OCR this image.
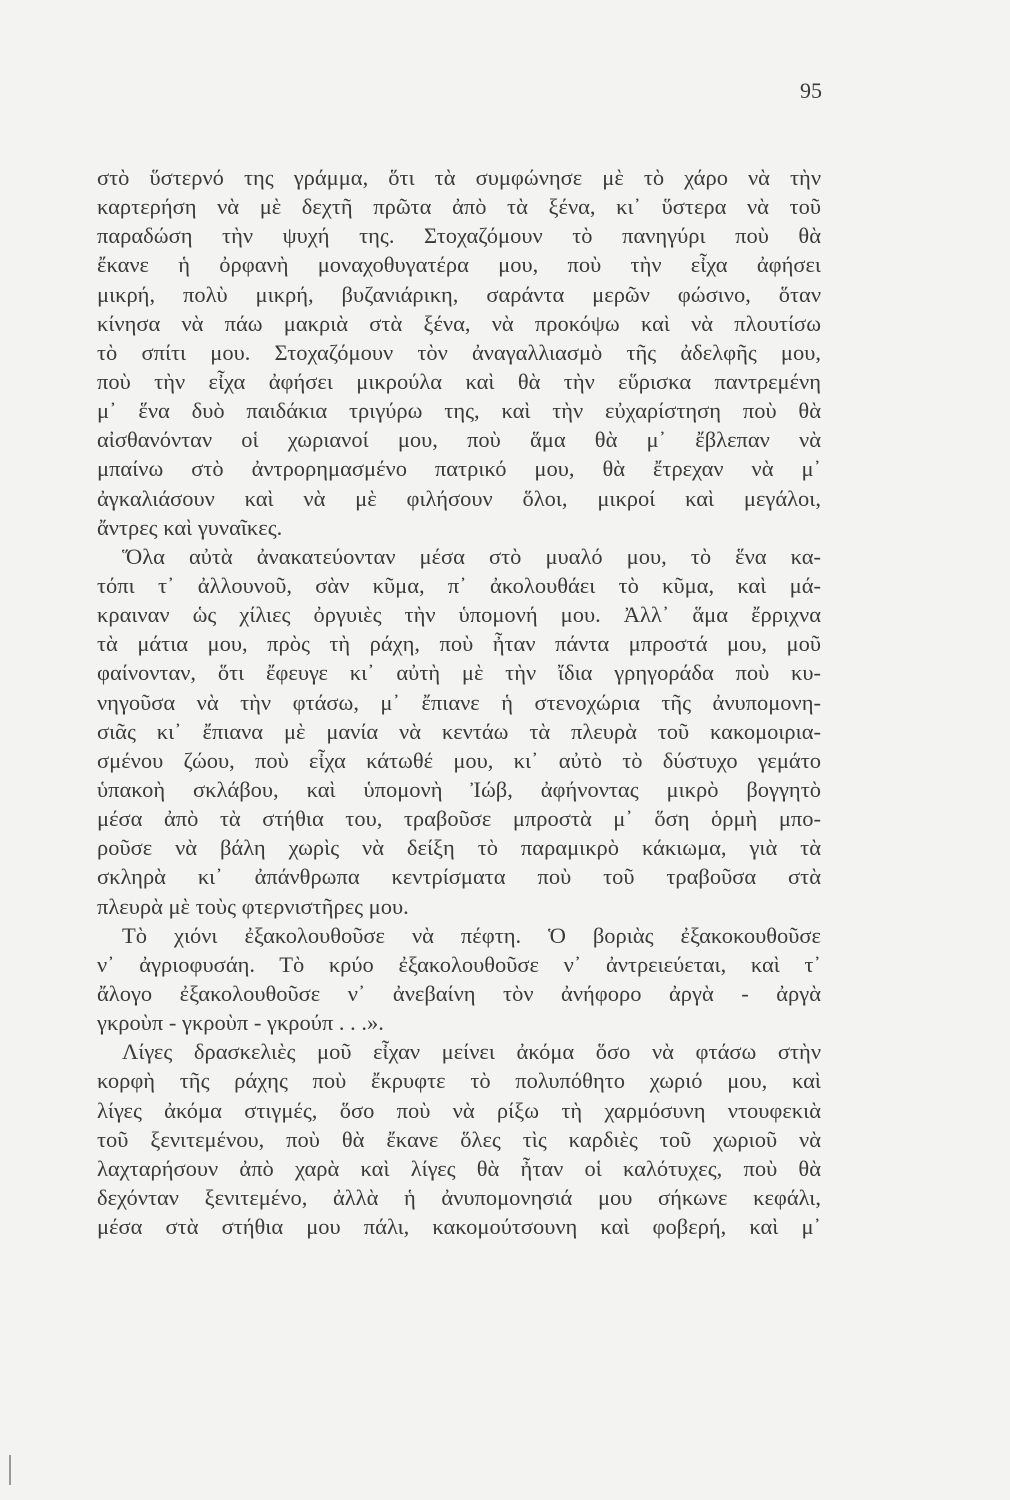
95
στὸ ὕστερνό της γράμμα, ὅτι τὰ συμφώνησε μὲ τὸ χάρο νὰ τὴν
καρτερήση νὰ μὲ δεχτῆ πρῶτα ἀπὸ τὰ ξένα, κι᾽ ὕστερα νὰ τοῦ
παραδώση τὴν ψυχή της. Στοχαζόμουν τὸ πανηγύρι ποὺ θὰ
ἔκανε ἡ ὀρφανὴ μοναχοθυγατέρα μου, ποὺ τὴν εἶχα ἀφήσει
μικρή, πολὺ μικρή, βυζανιάρικη, σαράντα μερῶν φώσινο, ὅταν
κίνησα νὰ πάω μακριὰ στὰ ξένα, νὰ προκόψω καὶ νὰ πλουτίσω
τὸ σπίτι μου. Στοχαζόμουν τὸν ἀναγαλλιασμὸ τῆς ἀδελφῆς μου,
ποὺ τὴν εἶχα ἀφήσει μικρούλα καὶ θὰ τὴν εὕρισκα παντρεμένη
μ᾽ ἕνα δυὸ παιδάκια τριγύρω της, καὶ τὴν εὐχαρίστηση ποὺ θὰ
αἰσθανόνταν οἱ χωριανοί μου, ποὺ ἅμα θὰ μ᾽ ἔβλεπαν νὰ
μπαίνω στὸ ἀντρορημασμένο πατρικό μου, θὰ ἔτρεχαν νὰ μ᾽
ἀγκαλιάσουν καὶ νὰ μὲ φιλήσουν ὅλοι, μικροί καὶ μεγάλοι,
ἄντρες καὶ γυναῖκες.
Ὅλα αὐτὰ ἀνακατεύονταν μέσα στὸ μυαλό μου, τὸ ἕνα κα-
τόπι τ᾽ ἀλλουνοῦ, σὰν κῦμα, π᾽ ἀκολουθάει τὸ κῦμα, καὶ μά-
κραιναν ὡς χίλιες ὀργυιὲς τὴν ὑπομονή μου. Ἀλλ᾽ ἅμα ἔρριχνα
τὰ μάτια μου, πρὸς τὴ ράχη, ποὺ ἦταν πάντα μπροστά μου, μοῦ
φαίνονταν, ὅτι ἔφευγε κι᾽ αὐτὴ μὲ τὴν ἴδια γρηγοράδα ποὺ κυ-
νηγοῦσα νὰ τὴν φτάσω, μ᾽ ἔπιανε ἡ στενοχώρια τῆς ἀνυπομονη-
σιᾶς κι᾽ ἔπιανα μὲ μανία νὰ κεντάω τὰ πλευρὰ τοῦ κακομοιρια-
σμένου ζώου, ποὺ εἶχα κάτωθέ μου, κι᾽ αὐτὸ τὸ δύστυχο γεμάτο
ὑπακοὴ σκλάβου, καὶ ὑπομονὴ Ἰώβ, ἀφήνοντας μικρὸ βογγητὸ
μέσα ἀπὸ τὰ στήθια του, τραβοῦσε μπροστὰ μ᾽ ὅση ὁρμὴ μπο-
ροῦσε νὰ βάλη χωρὶς νὰ δείξη τὸ παραμικρὸ κάκιωμα, γιὰ τὰ
σκληρὰ κι᾽ ἀπάνθρωπα κεντρίσματα ποὺ τοῦ τραβοῦσα στὰ
πλευρὰ μὲ τοὺς φτερνιστῆρες μου.
Τὸ χιόνι ἐξακολουθοῦσε νὰ πέφτη. Ὁ βοριὰς ἐξακοκουθοῦσε
ν᾽ ἀγριοφυσάη. Τὸ κρύο ἐξακολουθοῦσε ν᾽ ἀντρειεύεται, καὶ τ᾽
ἄλογο ἐξακολουθοῦσε ν᾽ ἀνεβαίνη τὸν ἀνήφορο ἀργὰ - ἀργὰ
γκροὺπ - γκροὺπ - γκρούπ . . .».
Λίγες δρασκελιὲς μοῦ εἶχαν μείνει ἀκόμα ὅσο νὰ φτάσω στὴν
κορφὴ τῆς ράχης ποὺ ἔκρυφτε τὸ πολυπόθητο χωριό μου, καὶ
λίγες ἀκόμα στιγμές, ὅσο ποὺ νὰ ρίξω τὴ χαρμόσυνη ντουφεκιὰ
τοῦ ξενιτεμένου, ποὺ θὰ ἔκανε ὅλες τὶς καρδιὲς τοῦ χωριοῦ νὰ
λαχταρήσουν ἀπὸ χαρὰ καὶ λίγες θὰ ἦταν οἱ καλότυχες, ποὺ θὰ
δεχόνταν ξενιτεμένο, ἀλλὰ ἡ ἀνυπομονησιά μου σήκωνε κεφάλι,
μέσα στὰ στήθια μου πάλι, κακομούτσουνη καὶ φοβερή, καὶ μ᾽
